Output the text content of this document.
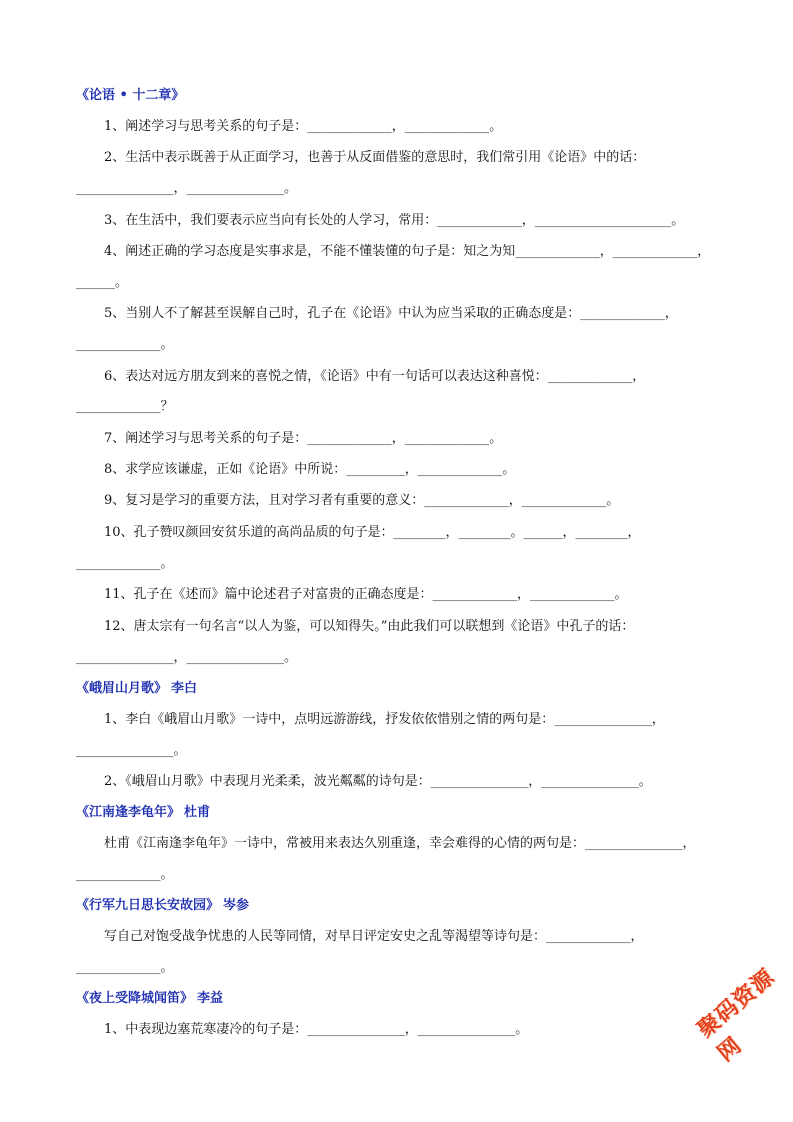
《论语 • 十二章》
《峨眉山月歌》 李白
《江南逢李龟年》 杜甫
《行军九日思长安故园》 岑参
《夜上受降城闻笛》 李益
1、阐述学习与思考关系的句子是：_____________，_____________。
2、生活中表示既善于从正面学习，也善于从反面借鉴的意思时，我们常引用《论语》中的话：
_______________，_______________。
3、在生活中，我们要表示应当向有长处的人学习，常用：_____________，_____________________。
4、阐述正确的学习态度是实事求是，不能不懂装懂的句子是：知之为知_____________，_____________，
______。
5、当别人不了解甚至误解自己时，孔子在《论语》中认为应当采取的正确态度是：_____________，
_____________。
6、表达对远方朋友到来的喜悦之情，《论语》中有一句话可以表达这种喜悦：_____________，
_____________？
7、阐述学习与思考关系的句子是：_____________，_____________。
8、求学应该谦虚，正如《论语》中所说：_________，_____________。
9、复习是学习的重要方法，且对学习者有重要的意义：_____________，_____________。
10、孔子赞叹颜回安贫乐道的高尚品质的句子是：________，________。______，________，
_____________。
11、孔子在《述而》篇中论述君子对富贵的正确态度是：_____________，_____________。
12、唐太宗有一句名言“以人为鉴，可以知得失。”由此我们可以联想到《论语》中孔子的话：
_______________，_______________。
1、李白《峨眉山月歌》一诗中，点明远游游线，抒发依依惜别之情的两句是：_______________，
_______________。
2、《峨眉山月歌》中表现月光柔柔，波光粼粼的诗句是：_______________，_______________。
杜甫《江南逢李龟年》一诗中，常被用来表达久别重逢，幸会难得的心情的两句是：_______________，
_____________。
写自己对饱受战争忧患的人民等同情，对早日评定安史之乱等渴望等诗句是：_____________，
_____________。
1、中表现边塞荒寒凄冷的句子是：_______________，_______________。	聚码资源网
